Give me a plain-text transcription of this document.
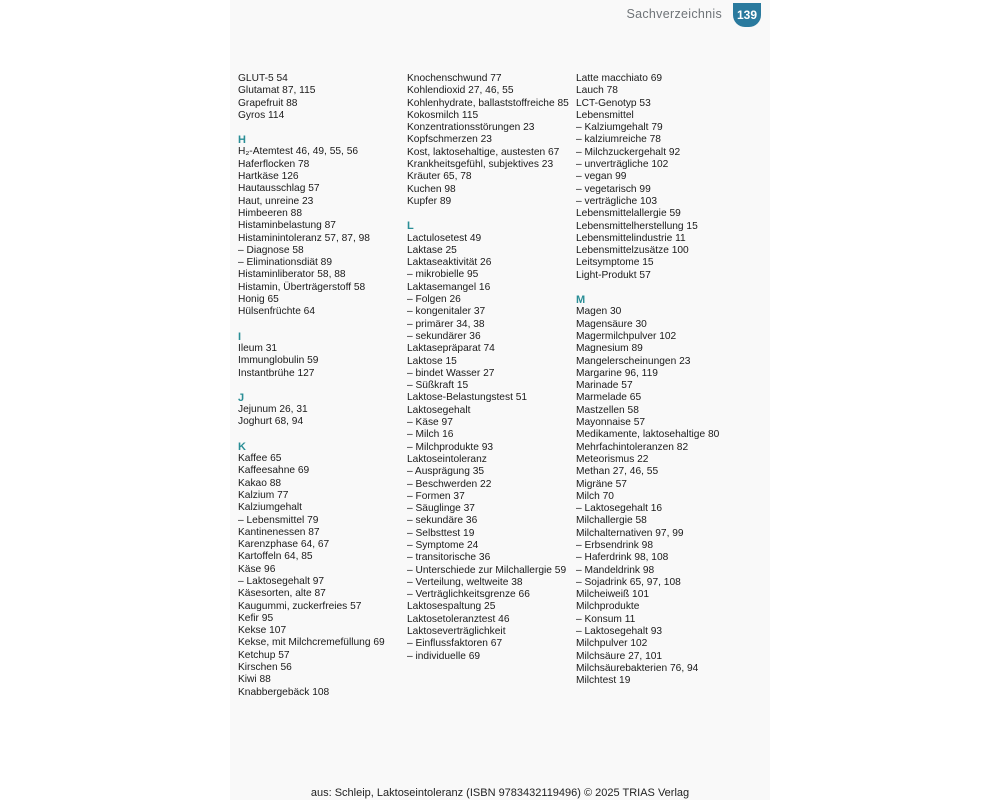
Sachverzeichnis	139
GLUT-5 54
Glutamat 87, 115
Grapefruit 88
Gyros 114
H
H₂-Atemtest 46, 49, 55, 56
Haferflocken 78
Hartkäse 126
Hautausschlag 57
Haut, unreine 23
Himbeeren 88
Histaminbelastung 87
Histaminintoleranz 57, 87, 98
– Diagnose 58
– Eliminationsdiät 89
Histaminliberator 58, 88
Histamin, Überträgerstoff 58
Honig 65
Hülsenfrüchte 64
I
Ileum 31
Immunglobulin 59
Instantbrühe 127
J
Jejunum 26, 31
Joghurt 68, 94
K
Kaffee 65
Kaffeesahne 69
Kakao 88
Kalzium 77
Kalziumgehalt
– Lebensmittel 79
Kantinenessen 87
Karenzphase 64, 67
Kartoffeln 64, 85
Käse 96
– Laktosegehalt 97
Käsesorten, alte 87
Kaugummi, zuckerfreies 57
Kefir 95
Kekse 107
Kekse, mit Milchcremefüllung 69
Ketchup 57
Kirschen 56
Kiwi 88
Knabbergebäck 108
Knochenschwund 77
Kohlendioxid 27, 46, 55
Kohlenhydrate, ballaststoffreiche 85
Kokosmilch 115
Konzentrationsstörungen 23
Kopfschmerzen 23
Kost, laktosehaltige, austesten 67
Krankheitsgefühl, subjektives 23
Kräuter 65, 78
Kuchen 98
Kupfer 89
L
Lactulosetest 49
Laktase 25
Laktaseaktivität 26
– mikrobielle 95
Laktasemangel 16
– Folgen 26
– kongenitaler 37
– primärer 34, 38
– sekundärer 36
Laktasepräparat 74
Laktose 15
– bindet Wasser 27
– Süßkraft 15
Laktose-Belastungstest 51
Laktosegehalt
– Käse 97
– Milch 16
– Milchprodukte 93
Laktoseintoleranz
– Ausprägung 35
– Beschwerden 22
– Formen 37
– Säuglinge 37
– sekundäre 36
– Selbsttest 19
– Symptome 24
– transitorische 36
– Unterschiede zur Milchallergie 59
– Verteilung, weltweite 38
– Verträglichkeitsgrenze 66
Laktosespaltung 25
Laktosetoleranztest 46
Laktoseverträglichkeit
– Einflussfaktoren 67
– individuelle 69
Latte macchiato 69
Lauch 78
LCT-Genotyp 53
Lebensmittel
– Kalziumgehalt 79
– kalziumreiche 78
– Milchzuckergehalt 92
– unverträgliche 102
– vegan 99
– vegetarisch 99
– verträgliche 103
Lebensmittelallergie 59
Lebensmittelherstellung 15
Lebensmittelindustrie 11
Lebensmittelzusätze 100
Leitsymptome 15
Light-Produkt 57
M
Magen 30
Magensäure 30
Magermilchpulver 102
Magnesium 89
Mangelerscheinungen 23
Margarine 96, 119
Marinade 57
Marmelade 65
Mastzellen 58
Mayonnaise 57
Medikamente, laktosehaltige 80
Mehrfachintoleranzen 82
Meteorismus 22
Methan 27, 46, 55
Migräne 57
Milch 70
– Laktosegehalt 16
Milchallergie 58
Milchalternativen 97, 99
– Erbsendrink 98
– Haferdrink 98, 108
– Mandeldrink 98
– Sojadrink 65, 97, 108
Milcheiweiß 101
Milchprodukte
– Konsum 11
– Laktosegehalt 93
Milchpulver 102
Milchsäure 27, 101
Milchsäurebakterien 76, 94
Milchtest 19
aus: Schleip, Laktoseintoleranz (ISBN 9783432119496) © 2025 TRIAS Verlag
